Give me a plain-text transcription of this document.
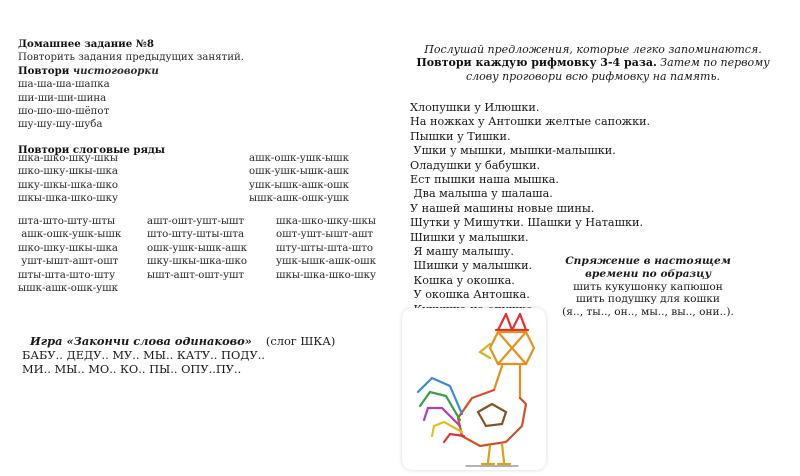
Домашнее задание №8
Повторить задания предыдущих занятий.
Повтори чистоговорки
ша-ша-ша-шапка
ши-ши-ши-шина
шо-шо-шо-шёпот
шу-шу-шу-шуба
Повтори слоговые ряды
шка-шко-шку-шкы
шко-шку-шкы-шка
шку-шкы-шка-шко
шкы-шка-шко-шку
ашк-ошк-ушк-ышк
ошк-ушк-ышк-ашк
ушк-ышк-ашк-ошк
ышк-ашк-ошк-ушк
шта-што-шту-шты
ашк-ошк-ушк-ышк
шко-шку-шкы-шка
ушт-ышт-ашт-ошт
шты-шта-што-шту
ышк-ашк-ошк-ушк
ашт-ошт-ушт-ышт
што-шту-шты-шта
ошк-ушк-ышк-ашк
шку-шкы-шка-шко
ышт-ашт-ошт-ушт
шка-шко-шку-шкы
ошт-ушт-ышт-ашт
шту-шты-шта-што
ушк-ышк-ашк-ошк
шкы-шка-шко-шку
Игра «Закончи слова одинаково» (слог ШКА)
БАБУ.. ДЕДУ.. МУ.. МЫ.. КАТУ.. ПОДУ..
МИ.. МЫ.. МО.. КО.. ПЫ.. ОПУ..ПУ..
Послушай предложения, которые легко запоминаются.
Повтори каждую рифмовку 3-4 раза. Затем по первому слову проговори всю рифмовку на память.
Хлопушки у Илюшки.
На ножках у Антошки желтые сапожки.
Пышки у Тишки.
Ушки у мышки, мышки-малышки.
Оладушки у бабушки.
Ест пышки наша мышка.
Два малыша у шалаша.
У нашей машины новые шины.
Шутки у Мишутки. Шашки у Наташки.
Шишки у малышки.
Я машу малышу.
Шишки у малышки.
Кошка у окошка.
У окошка Антошка.
Спряжение в настоящем времени по образцу
шить кукушонку капюшон
шить подушку для кошки
(я.., ты.., он.., мы.., вы.., они..).
